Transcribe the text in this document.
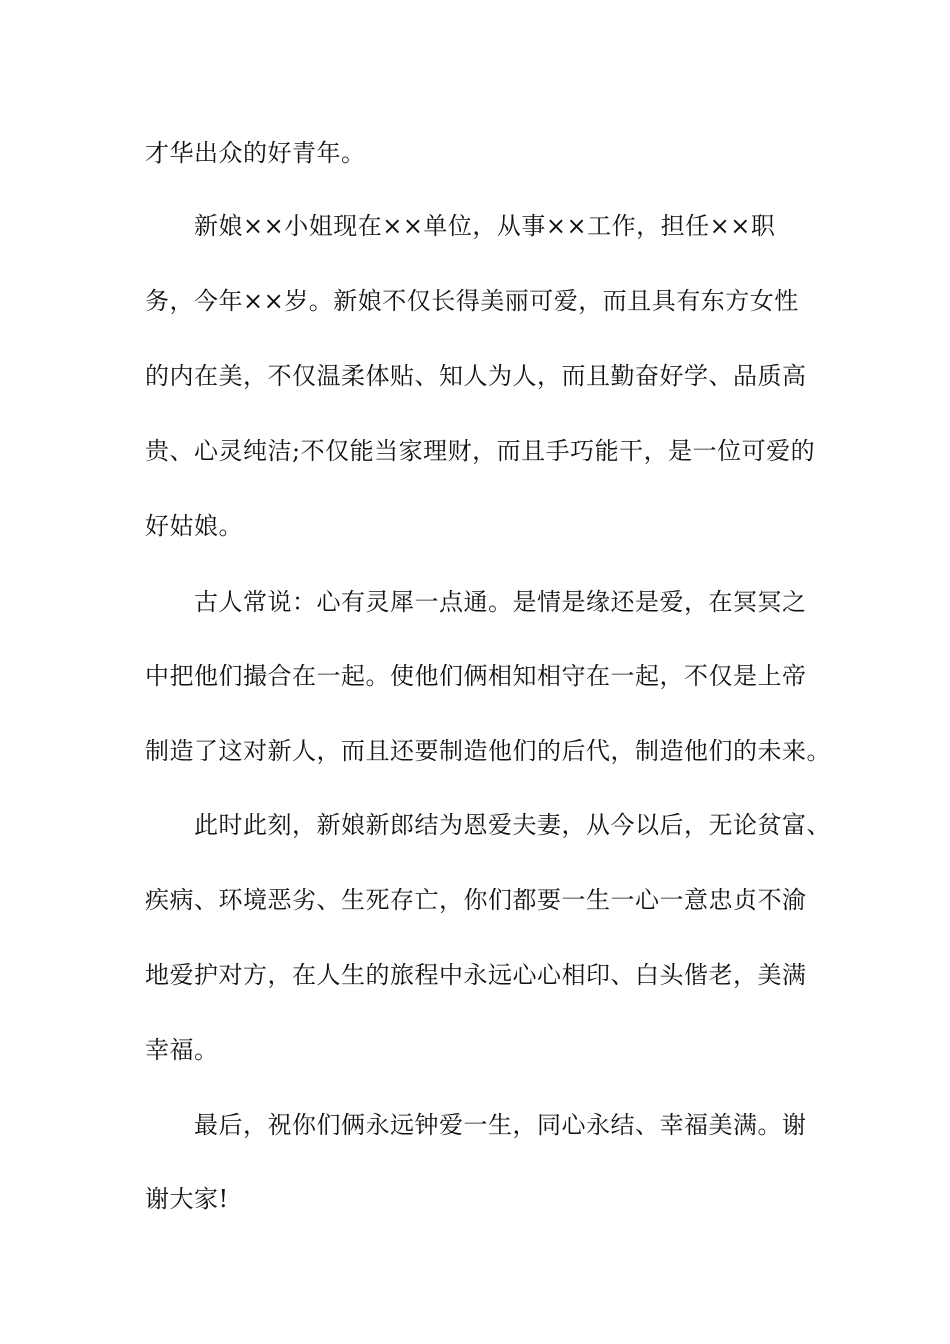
才华出众的好青年。
新娘××小姐现在××单位，从事××工作，担任××职
务，今年××岁。新娘不仅长得美丽可爱，而且具有东方女性
的内在美，不仅温柔体贴、知人为人，而且勤奋好学、品质高
贵、心灵纯洁;不仅能当家理财，而且手巧能干，是一位可爱的
好姑娘。
古人常说：心有灵犀一点通。是情是缘还是爱，在冥冥之
中把他们撮合在一起。使他们俩相知相守在一起，不仅是上帝
制造了这对新人，而且还要制造他们的后代，制造他们的未来。
此时此刻，新娘新郎结为恩爱夫妻，从今以后，无论贫富、
疾病、环境恶劣、生死存亡，你们都要一生一心一意忠贞不渝
地爱护对方，在人生的旅程中永远心心相印、白头偕老，美满
幸福。
最后，祝你们俩永远钟爱一生，同心永结、幸福美满。谢
谢大家!
